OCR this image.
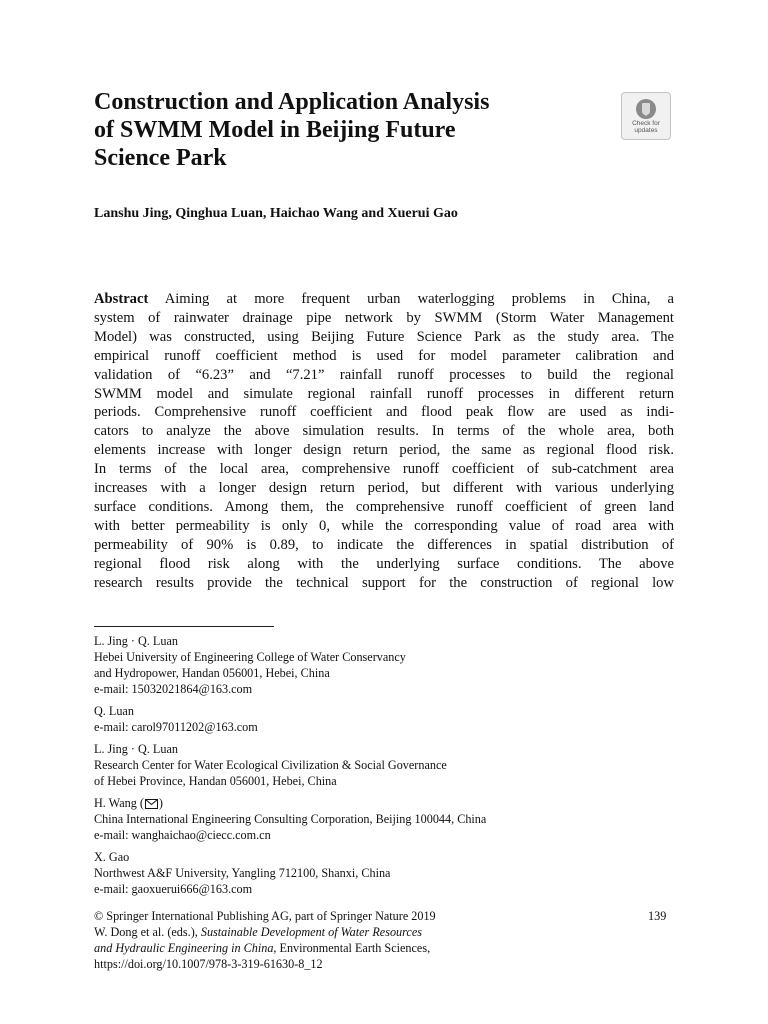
Construction and Application Analysis
of SWMM Model in Beijing Future
Science Park
Check for
updates

Lanshu Jing, Qinghua Luan, Haichao Wang and Xuerui Gao

Abstract Aiming at more frequent urban waterlogging problems in China, a
system of rainwater drainage pipe network by SWMM (Storm Water Management
Model) was constructed, using Beijing Future Science Park as the study area. The
empirical runoff coefficient method is used for model parameter calibration and
validation of “6.23” and “7.21” rainfall runoff processes to build the regional
SWMM model and simulate regional rainfall runoff processes in different return
periods. Comprehensive runoff coefficient and flood peak flow are used as indi-
cators to analyze the above simulation results. In terms of the whole area, both
elements increase with longer design return period, the same as regional flood risk.
In terms of the local area, comprehensive runoff coefficient of sub-catchment area
increases with a longer design return period, but different with various underlying
surface conditions. Among them, the comprehensive runoff coefficient of green land
with better permeability is only 0, while the corresponding value of road area with
permeability of 90% is 0.89, to indicate the differences in spatial distribution of
regional flood risk along with the underlying surface conditions. The above
research results provide the technical support for the construction of regional low
L. Jing · Q. Luan
Hebei University of Engineering College of Water Conservancy
and Hydropower, Handan 056001, Hebei, China
e-mail: 15032021864@163.com
Q. Luan
e-mail: carol97011202@163.com
L. Jing · Q. Luan
Research Center for Water Ecological Civilization & Social Governance
of Hebei Province, Handan 056001, Hebei, China
H. Wang ( )
China International Engineering Consulting Corporation, Beijing 100044, China
e-mail: wanghaichao@ciecc.com.cn
X. Gao
Northwest A&F University, Yangling 712100, Shanxi, China
e-mail: gaoxuerui666@163.com
© Springer International Publishing AG, part of Springer Nature 2019
W. Dong et al. (eds.), Sustainable Development of Water Resources
and Hydraulic Engineering in China, Environmental Earth Sciences,
https://doi.org/10.1007/978-3-319-61630-8_12
139
